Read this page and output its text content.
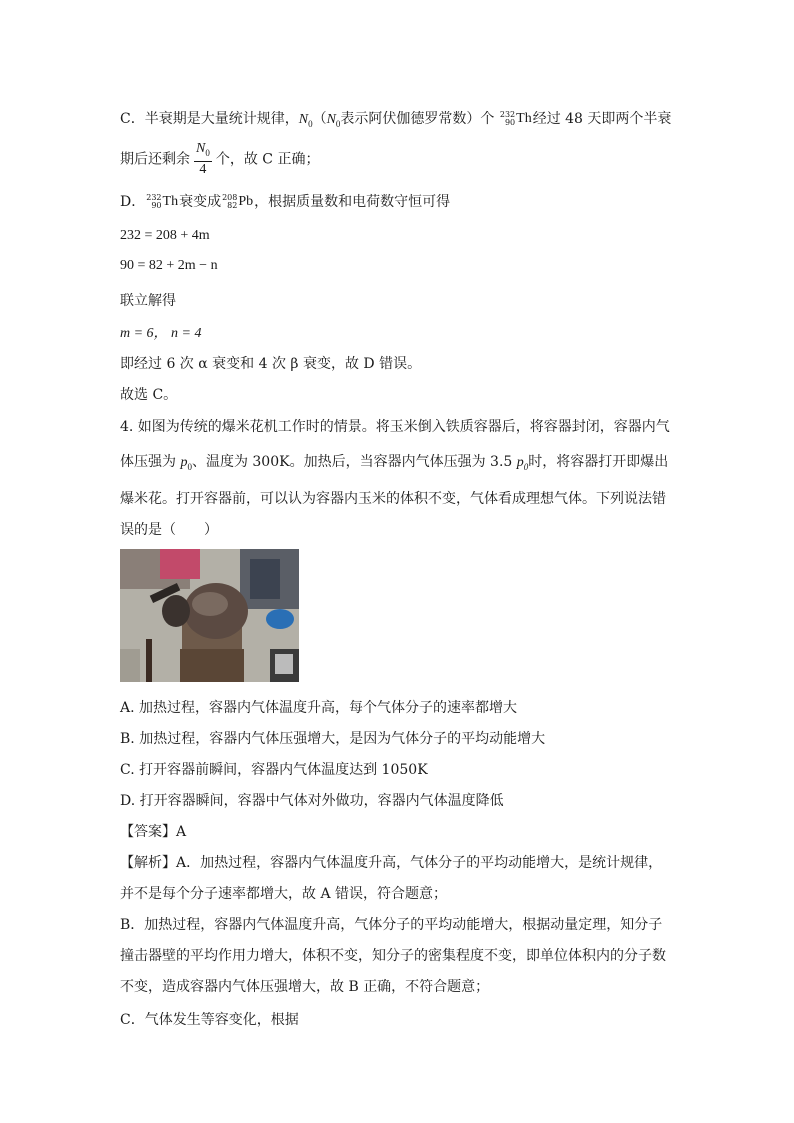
C．半衰期是大量统计规律，$N_0(N_0$表示阿伏伽德罗常数）个 232
90 Th经过 48 天即两个半衰
期后还剩余 $\frac{N_0}{4}$ 个，故 C 正确；
D． 232
90 Th衰变成 208
82 Pb，根据质量数和电荷数守恒可得
232 = 208 + 4m
90 = 82 + 2m − n
联立解得
m = 6， n = 4
即经过 6 次 α 衰变和 4 次 β 衰变，故 D 错误。
故选 C。
4. 如图为传统的爆米花机工作时的情景。将玉米倒入铁质容器后，将容器封闭，容器内气
体压强为 $p_0$、温度为 300K。加热后，当容器内气体压强为 3.5 $p_0$时，将容器打开即爆出
爆米花。打开容器前，可以认为容器内玉米的体积不变，气体看成理想气体。下列说法错
误的是（　　）
A. 加热过程，容器内气体温度升高，每个气体分子的速率都增大
B. 加热过程，容器内气体压强增大，是因为气体分子的平均动能增大
C. 打开容器前瞬间，容器内气体温度达到 1050K
D. 打开容器瞬间，容器中气体对外做功，容器内气体温度降低
【答案】A
【解析】A．加热过程，容器内气体温度升高，气体分子的平均动能增大，是统计规律，
并不是每个分子速率都增大，故 A 错误，符合题意；
B．加热过程，容器内气体温度升高，气体分子的平均动能增大，根据动量定理，知分子
撞击器壁的平均作用力增大，体积不变，知分子的密集程度不变，即单位体积内的分子数
不变，造成容器内气体压强增大，故 B 正确，不符合题意；
C．气体发生等容变化，根据
